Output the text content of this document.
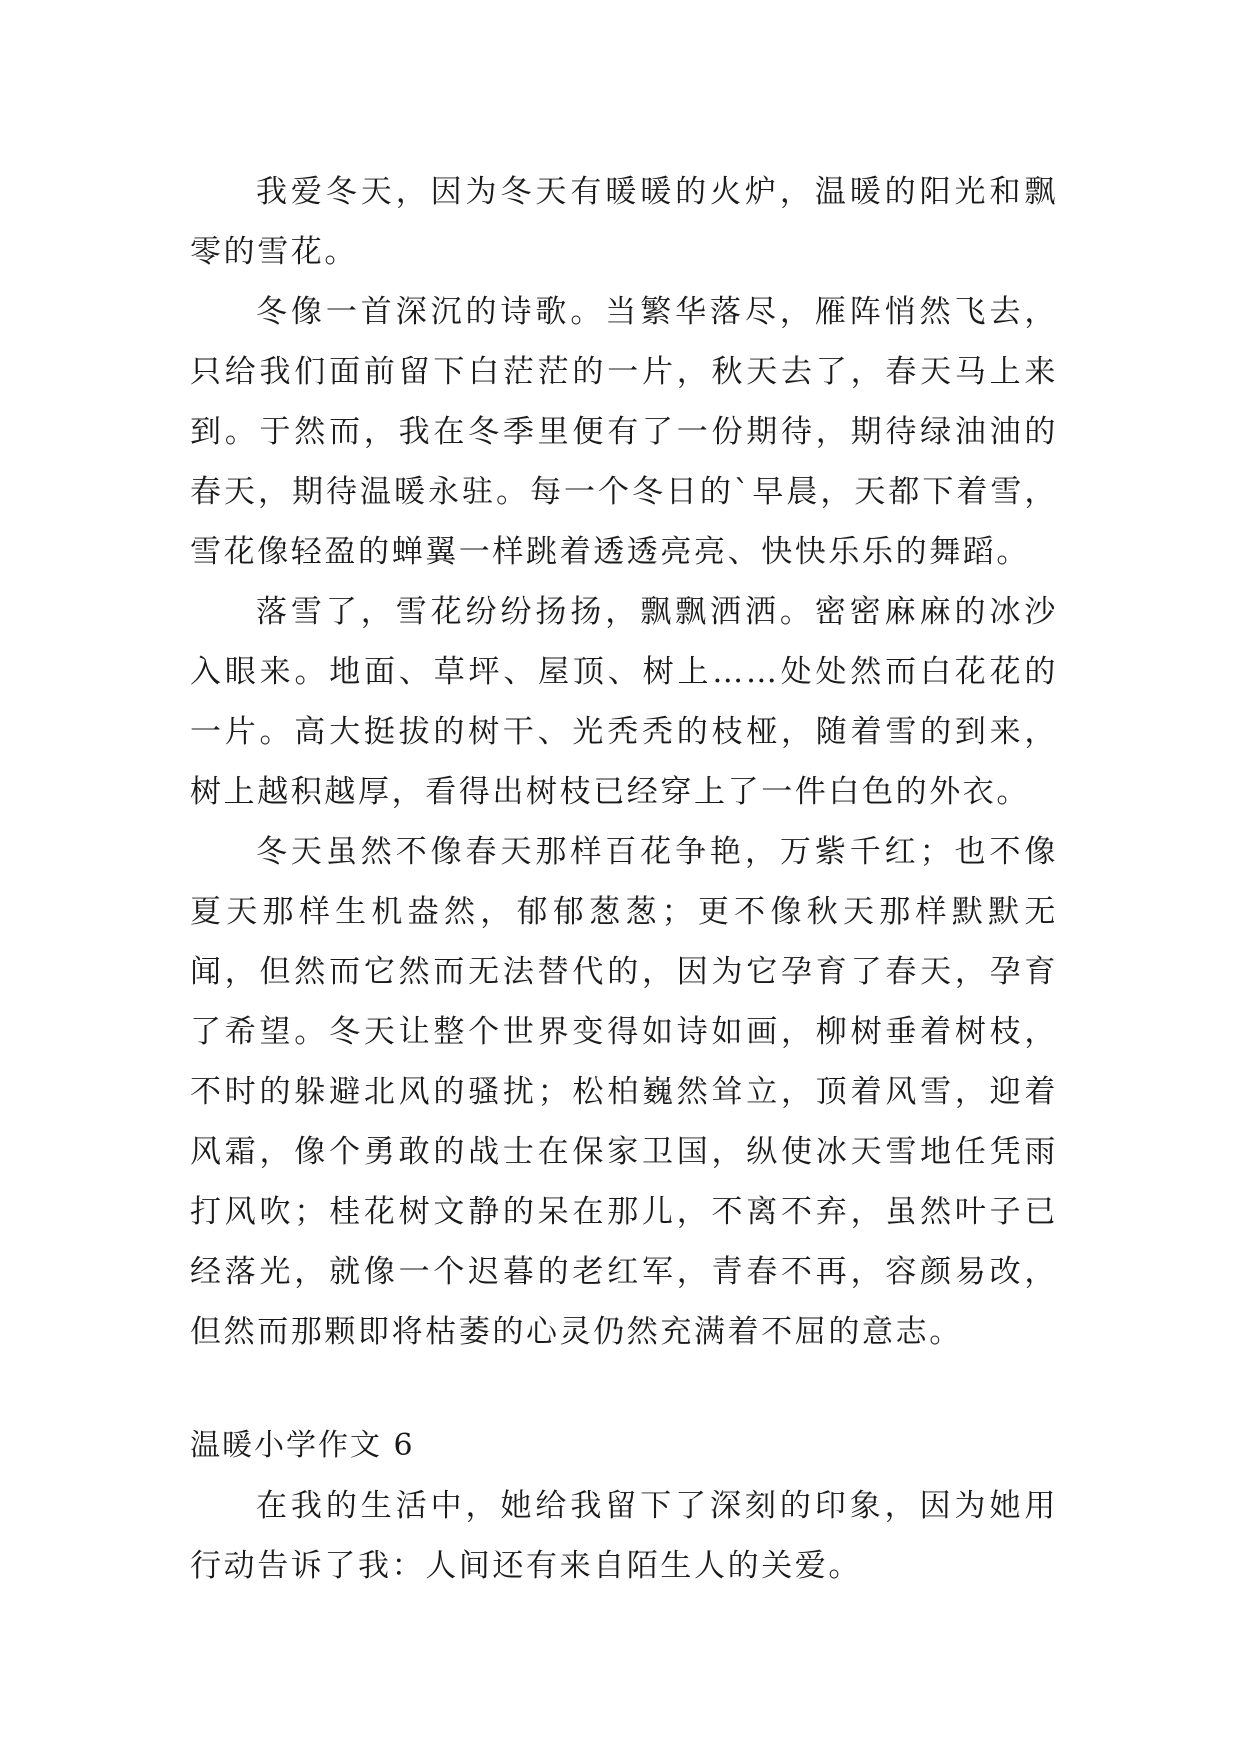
我爱冬天，因为冬天有暖暖的火炉，温暖的阳光和飘零的雪花。

冬像一首深沉的诗歌。当繁华落尽，雁阵悄然飞去，只给我们面前留下白茫茫的一片，秋天去了，春天马上来到。于然而，我在冬季里便有了一份期待，期待绿油油的春天，期待温暖永驻。每一个冬日的`早晨，天都下着雪，雪花像轻盈的蝉翼一样跳着透透亮亮、快快乐乐的舞蹈。

落雪了，雪花纷纷扬扬，飘飘洒洒。密密麻麻的冰沙入眼来。地面、草坪、屋顶、树上……处处然而白花花的一片。高大挺拔的树干、光秃秃的枝桠，随着雪的到来，树上越积越厚，看得出树枝已经穿上了一件白色的外衣。

冬天虽然不像春天那样百花争艳，万紫千红；也不像夏天那样生机盎然，郁郁葱葱；更不像秋天那样默默无闻，但然而它然而无法替代的，因为它孕育了春天，孕育了希望。冬天让整个世界变得如诗如画，柳树垂着树枝，不时的躲避北风的骚扰；松柏巍然耸立，顶着风雪，迎着风霜，像个勇敢的战士在保家卫国，纵使冰天雪地任凭雨打风吹；桂花树文静的呆在那儿，不离不弃，虽然叶子已经落光，就像一个迟暮的老红军，青春不再，容颜易改，但然而那颗即将枯萎的心灵仍然充满着不屈的意志。

温暖小学作文 6

在我的生活中，她给我留下了深刻的印象，因为她用行动告诉了我：人间还有来自陌生人的关爱。
